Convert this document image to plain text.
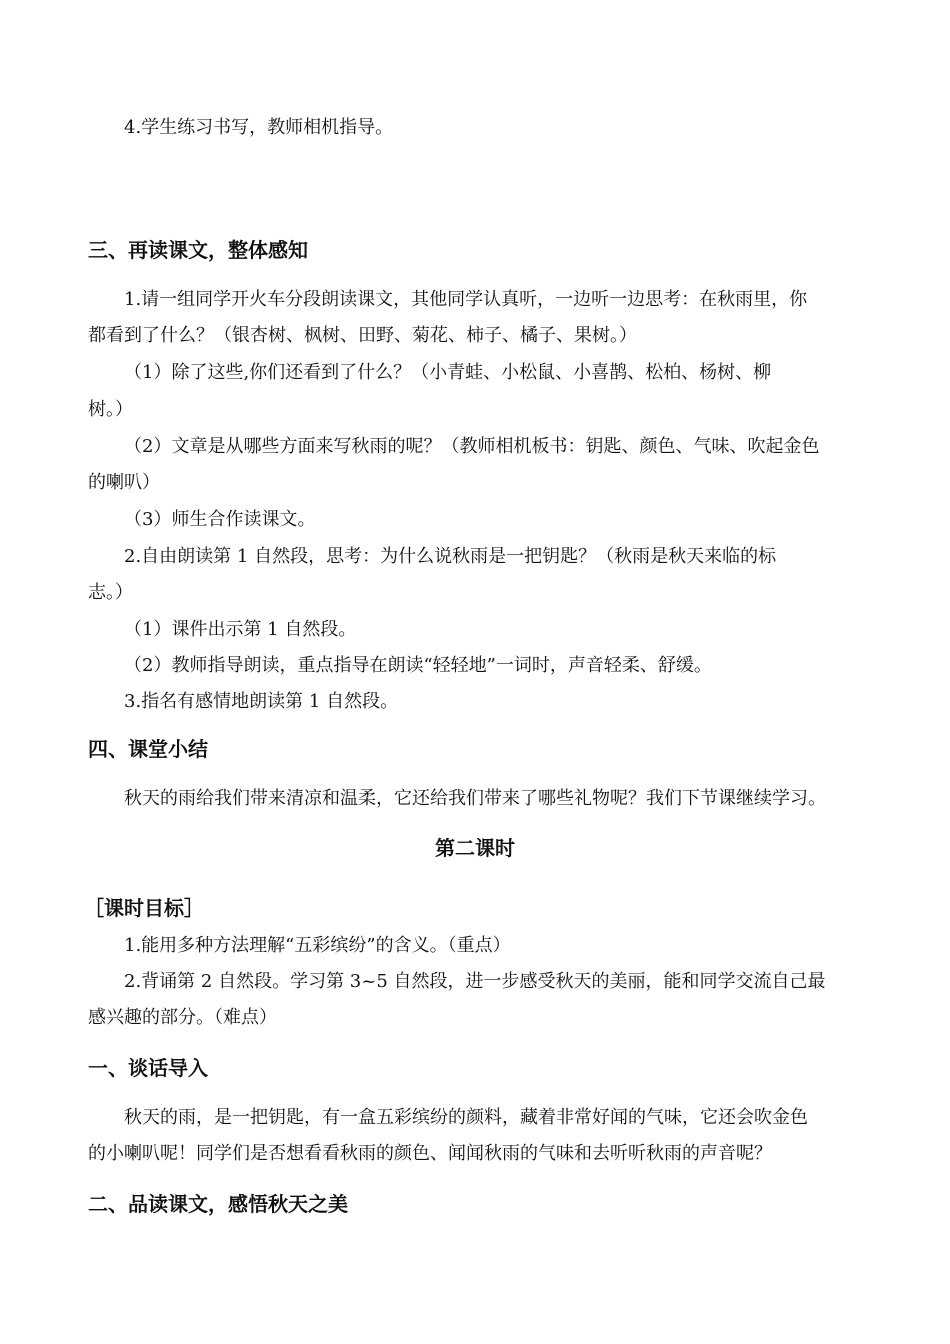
4.学生练习书写，教师相机指导。

三、再读课文，整体感知

1.请一组同学开火车分段朗读课文，其他同学认真听，一边听一边思考：在秋雨里，你

都看到了什么？（银杏树、枫树、田野、菊花、柿子、橘子、果树。）

（1）除了这些,你们还看到了什么？（小青蛙、小松鼠、小喜鹊、松柏、杨树、柳

树。）

（2）文章是从哪些方面来写秋雨的呢？（教师相机板书：钥匙、颜色、气味、吹起金色

的喇叭）

（3）师生合作读课文。

2.自由朗读第 1 自然段，思考：为什么说秋雨是一把钥匙？（秋雨是秋天来临的标

志。）

（1）课件出示第 1 自然段。

（2）教师指导朗读，重点指导在朗读“轻轻地”一词时，声音轻柔、舒缓。

3.指名有感情地朗读第 1 自然段。

四、课堂小结

秋天的雨给我们带来清凉和温柔，它还给我们带来了哪些礼物呢？我们下节课继续学习。

第二课时
［课时目标］

1.能用多种方法理解“五彩缤纷”的含义。（重点）

2.背诵第 2 自然段。学习第 3~5 自然段，进一步感受秋天的美丽，能和同学交流自己最

感兴趣的部分。（难点）

一、谈话导入

秋天的雨，是一把钥匙，有一盒五彩缤纷的颜料，藏着非常好闻的气味，它还会吹金色

的小喇叭呢！同学们是否想看看秋雨的颜色、闻闻秋雨的气味和去听听秋雨的声音呢？

二、品读课文，感悟秋天之美
